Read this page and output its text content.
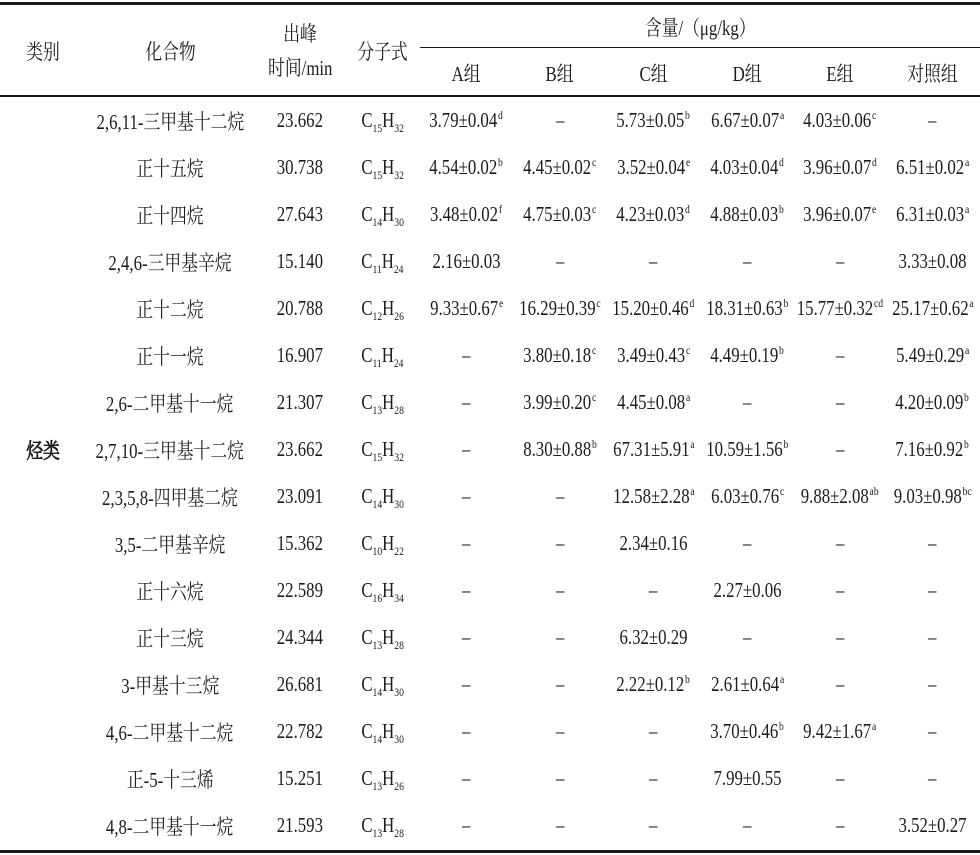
类别	化合物
出峰
时间/min
分子式
含量/（μg/kg）
A组	B组	C组	D组	E组	对照组
烃类
2,6,11-三甲基十二烷 23.662 $C_{15}H_{32}$ 3.79±0.04$^d$ – 5.73±0.05$^b$ 6.67±0.07$^a$ 4.03±0.06$^c$ –
正十五烷	30.738 $C_{15}H_{32}$ 4.54±0.02$^b$ 4.45±0.02$^c$ 3.52±0.04$^e$ 4.03±0.04$^d$ 3.96±0.07$^d$ 6.51±0.02$^a$
正十四烷	27.643 $C_{14}H_{30}$ 3.48±0.02$^f$ 4.75±0.03$^c$ 4.23±0.03$^d$ 4.88±0.03$^b$ 3.96±0.07$^e$ 6.31±0.03$^a$
2,4,6-三甲基辛烷 15.140 $C_{11}H_{24}$ 2.16±0.03	–	–	–	–	3.33±0.08
正十二烷	20.788 $C_{12}H_{26}$ 9.33±0.67$^e$ 16.29±0.39$^c$ 15.20±0.46$^d$ 18.31±0.63$^b$ 15.77±0.32$^{cd}$ 25.17±0.62$^a$
正十一烷	16.907 $C_{11}H_{24}$	–	3.80±0.18$^c$ 3.49±0.43$^c$ 4.49±0.19$^b$ – 5.49±0.29$^a$
2,6-二甲基十一烷 21.307 $C_{13}H_{28}$	–	3.99±0.20$^c$ 4.45±0.08$^a$	–	– 4.20±0.09$^b$
2,7,10-三甲基十二烷 23.662 $C_{15}H_{32}$	– 8.30±0.88$^b$ 67.31±5.91$^a$ 10.59±1.56$^b$ – 7.16±0.92$^b$
2,3,5,8-四甲基二烷 23.091 $C_{14}H_{30}$	–	– 12.58±2.28$^a$ 6.03±0.76$^c$ 9.88±2.08$^{ab}$ 9.03±0.98$^{bc}$
3,5-二甲基辛烷 15.362 $C_{10}H_{22}$	–	–	2.34±0.16	–	–	–
正十六烷	22.589 $C_{16}H_{34}$	–	–	–	2.27±0.06	–	–
正十三烷	24.344 $C_{13}H_{28}$	–	–	6.32±0.29	–	–	–
3-甲基十三烷	26.681 $C_{14}H_{30}$	–	– 2.22±0.12$^b$ 2.61±0.64$^a$ –	–
4,6-二甲基十二烷 22.782 $C_{14}H_{30}$	–	–	–	3.70±0.46$^b$ 9.42±1.67$^a$ –
正-5-十三烯	15.251 $C_{13}H_{26}$	–	–	–	7.99±0.55	–	–
4,8-二甲基十一烷 21.593 $C_{13}H_{28}$	–	–	–	–	–	3.52±0.27
